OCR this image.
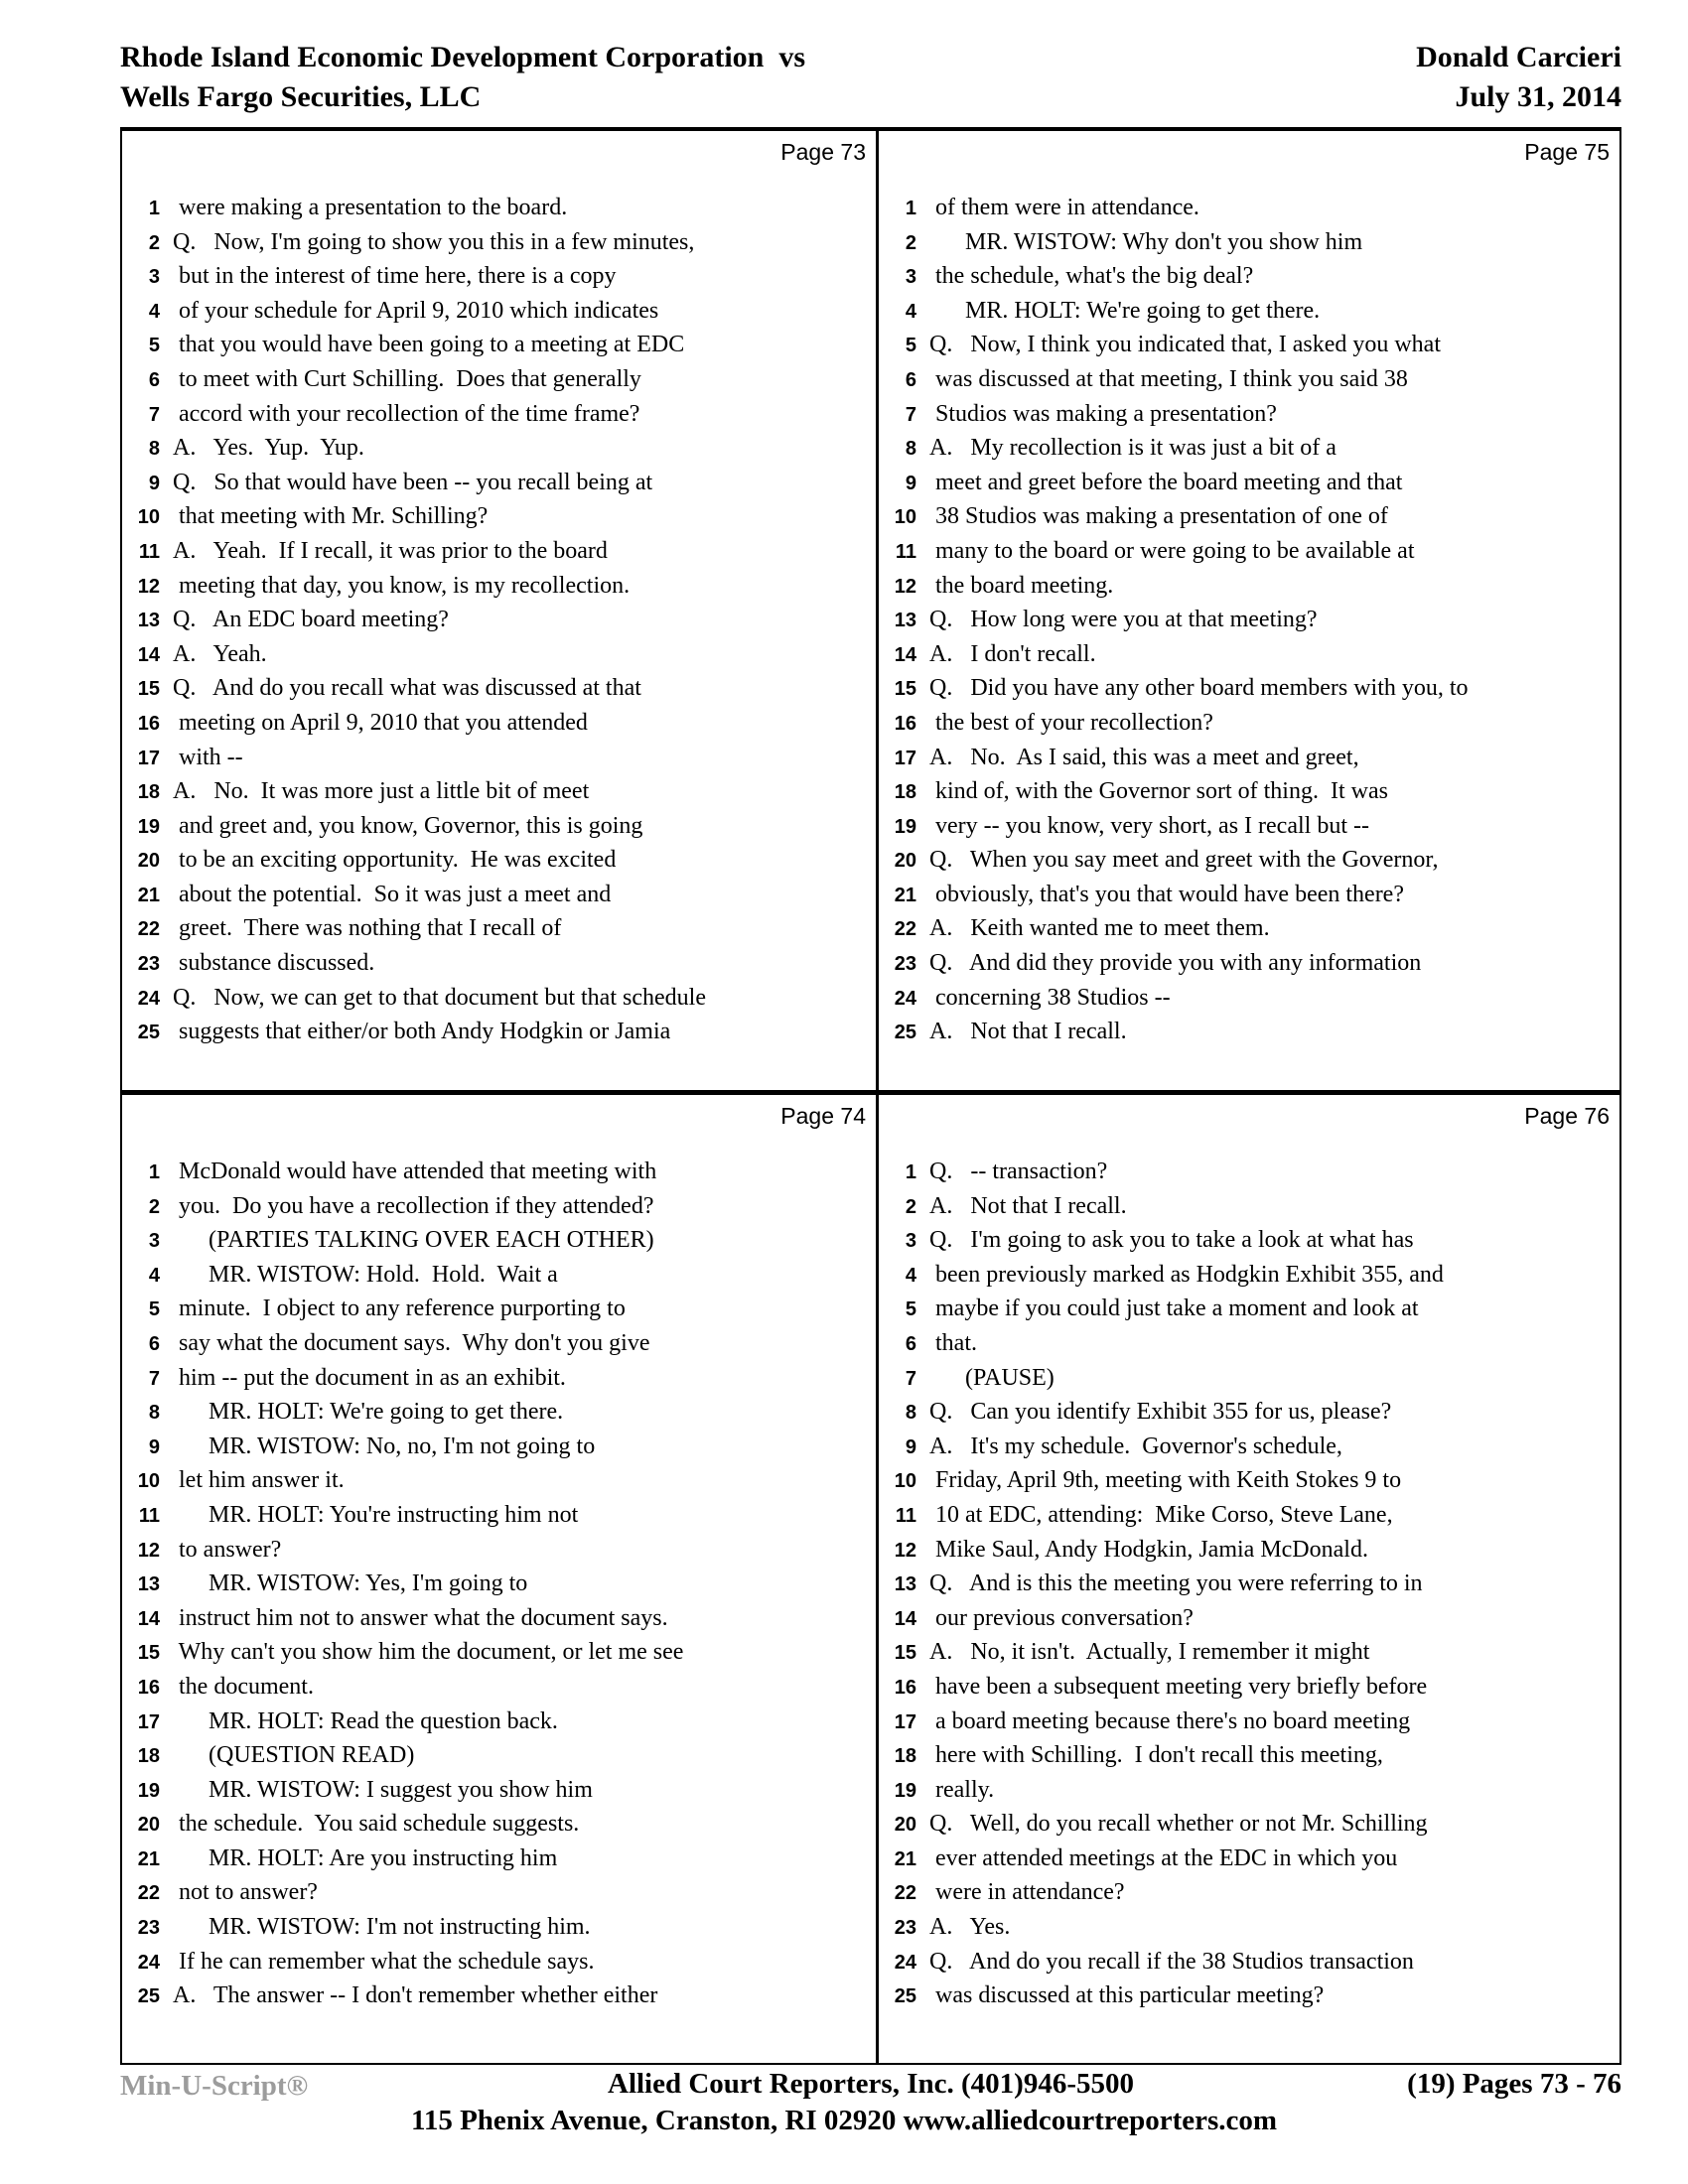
Rhode Island Economic Development Corporation  vs
Wells Fargo Securities, LLC
Donald Carcieri
July 31, 2014
Page 73
1 were making a presentation to the board.
2 Q.   Now, I'm going to show you this in a few minutes,
3 but in the interest of time here, there is a copy
4 of your schedule for April 9, 2010 which indicates
5 that you would have been going to a meeting at EDC
6 to meet with Curt Schilling.  Does that generally
7 accord with your recollection of the time frame?
8 A.   Yes.  Yup.  Yup.
9 Q.   So that would have been -- you recall being at
10 that meeting with Mr. Schilling?
11 A.   Yeah.  If I recall, it was prior to the board
12 meeting that day, you know, is my recollection.
13 Q.   An EDC board meeting?
14 A.   Yeah.
15 Q.   And do you recall what was discussed at that
16 meeting on April 9, 2010 that you attended
17 with --
18 A.   No.  It was more just a little bit of meet
19 and greet and, you know, Governor, this is going
20 to be an exciting opportunity.  He was excited
21 about the potential.  So it was just a meet and
22 greet.  There was nothing that I recall of
23 substance discussed.
24 Q.   Now, we can get to that document but that schedule
25 suggests that either/or both Andy Hodgkin or Jamia
Page 75
1 of them were in attendance.
2 MR. WISTOW: Why don't you show him
3 the schedule, what's the big deal?
4 MR. HOLT: We're going to get there.
5 Q.   Now, I think you indicated that, I asked you what
6 was discussed at that meeting, I think you said 38
7 Studios was making a presentation?
8 A.   My recollection is it was just a bit of a
9 meet and greet before the board meeting and that
10 38 Studios was making a presentation of one of
11 many to the board or were going to be available at
12 the board meeting.
13 Q.   How long were you at that meeting?
14 A.   I don't recall.
15 Q.   Did you have any other board members with you, to
16 the best of your recollection?
17 A.   No.  As I said, this was a meet and greet,
18 kind of, with the Governor sort of thing.  It was
19 very -- you know, very short, as I recall but --
20 Q.   When you say meet and greet with the Governor,
21 obviously, that's you that would have been there?
22 A.   Keith wanted me to meet them.
23 Q.   And did they provide you with any information
24 concerning 38 Studios --
25 A.   Not that I recall.
Page 74
1 McDonald would have attended that meeting with
2 you.  Do you have a recollection if they attended?
3 (PARTIES TALKING OVER EACH OTHER)
4 MR. WISTOW: Hold.  Hold.  Wait a
5 minute.  I object to any reference purporting to
6 say what the document says.  Why don't you give
7 him -- put the document in as an exhibit.
8 MR. HOLT: We're going to get there.
9 MR. WISTOW: No, no, I'm not going to
10 let him answer it.
11 MR. HOLT: You're instructing him not
12 to answer?
13 MR. WISTOW: Yes, I'm going to
14 instruct him not to answer what the document says.
15 Why can't you show him the document, or let me see
16 the document.
17 MR. HOLT: Read the question back.
18 (QUESTION READ)
19 MR. WISTOW: I suggest you show him
20 the schedule.  You said schedule suggests.
21 MR. HOLT: Are you instructing him
22 not to answer?
23 MR. WISTOW: I'm not instructing him.
24 If he can remember what the schedule says.
25 A.   The answer -- I don't remember whether either
Page 76
1 Q.   -- transaction?
2 A.   Not that I recall.
3 Q.   I'm going to ask you to take a look at what has
4 been previously marked as Hodgkin Exhibit 355, and
5 maybe if you could just take a moment and look at
6 that.
7 (PAUSE)
8 Q.   Can you identify Exhibit 355 for us, please?
9 A.   It's my schedule.  Governor's schedule,
10 Friday, April 9th, meeting with Keith Stokes 9 to
11 10 at EDC, attending:  Mike Corso, Steve Lane,
12 Mike Saul, Andy Hodgkin, Jamia McDonald.
13 Q.   And is this the meeting you were referring to in
14 our previous conversation?
15 A.   No, it isn't.  Actually, I remember it might
16 have been a subsequent meeting very briefly before
17 a board meeting because there's no board meeting
18 here with Schilling.  I don't recall this meeting,
19 really.
20 Q.   Well, do you recall whether or not Mr. Schilling
21 ever attended meetings at the EDC in which you
22 were in attendance?
23 A.   Yes.
24 Q.   And do you recall if the 38 Studios transaction
25 was discussed at this particular meeting?
Allied Court Reporters, Inc. (401)946-5500
Min-U-Script®	(19) Pages 73 - 76
115 Phenix Avenue, Cranston, RI 02920 www.alliedcourtreporters.com
